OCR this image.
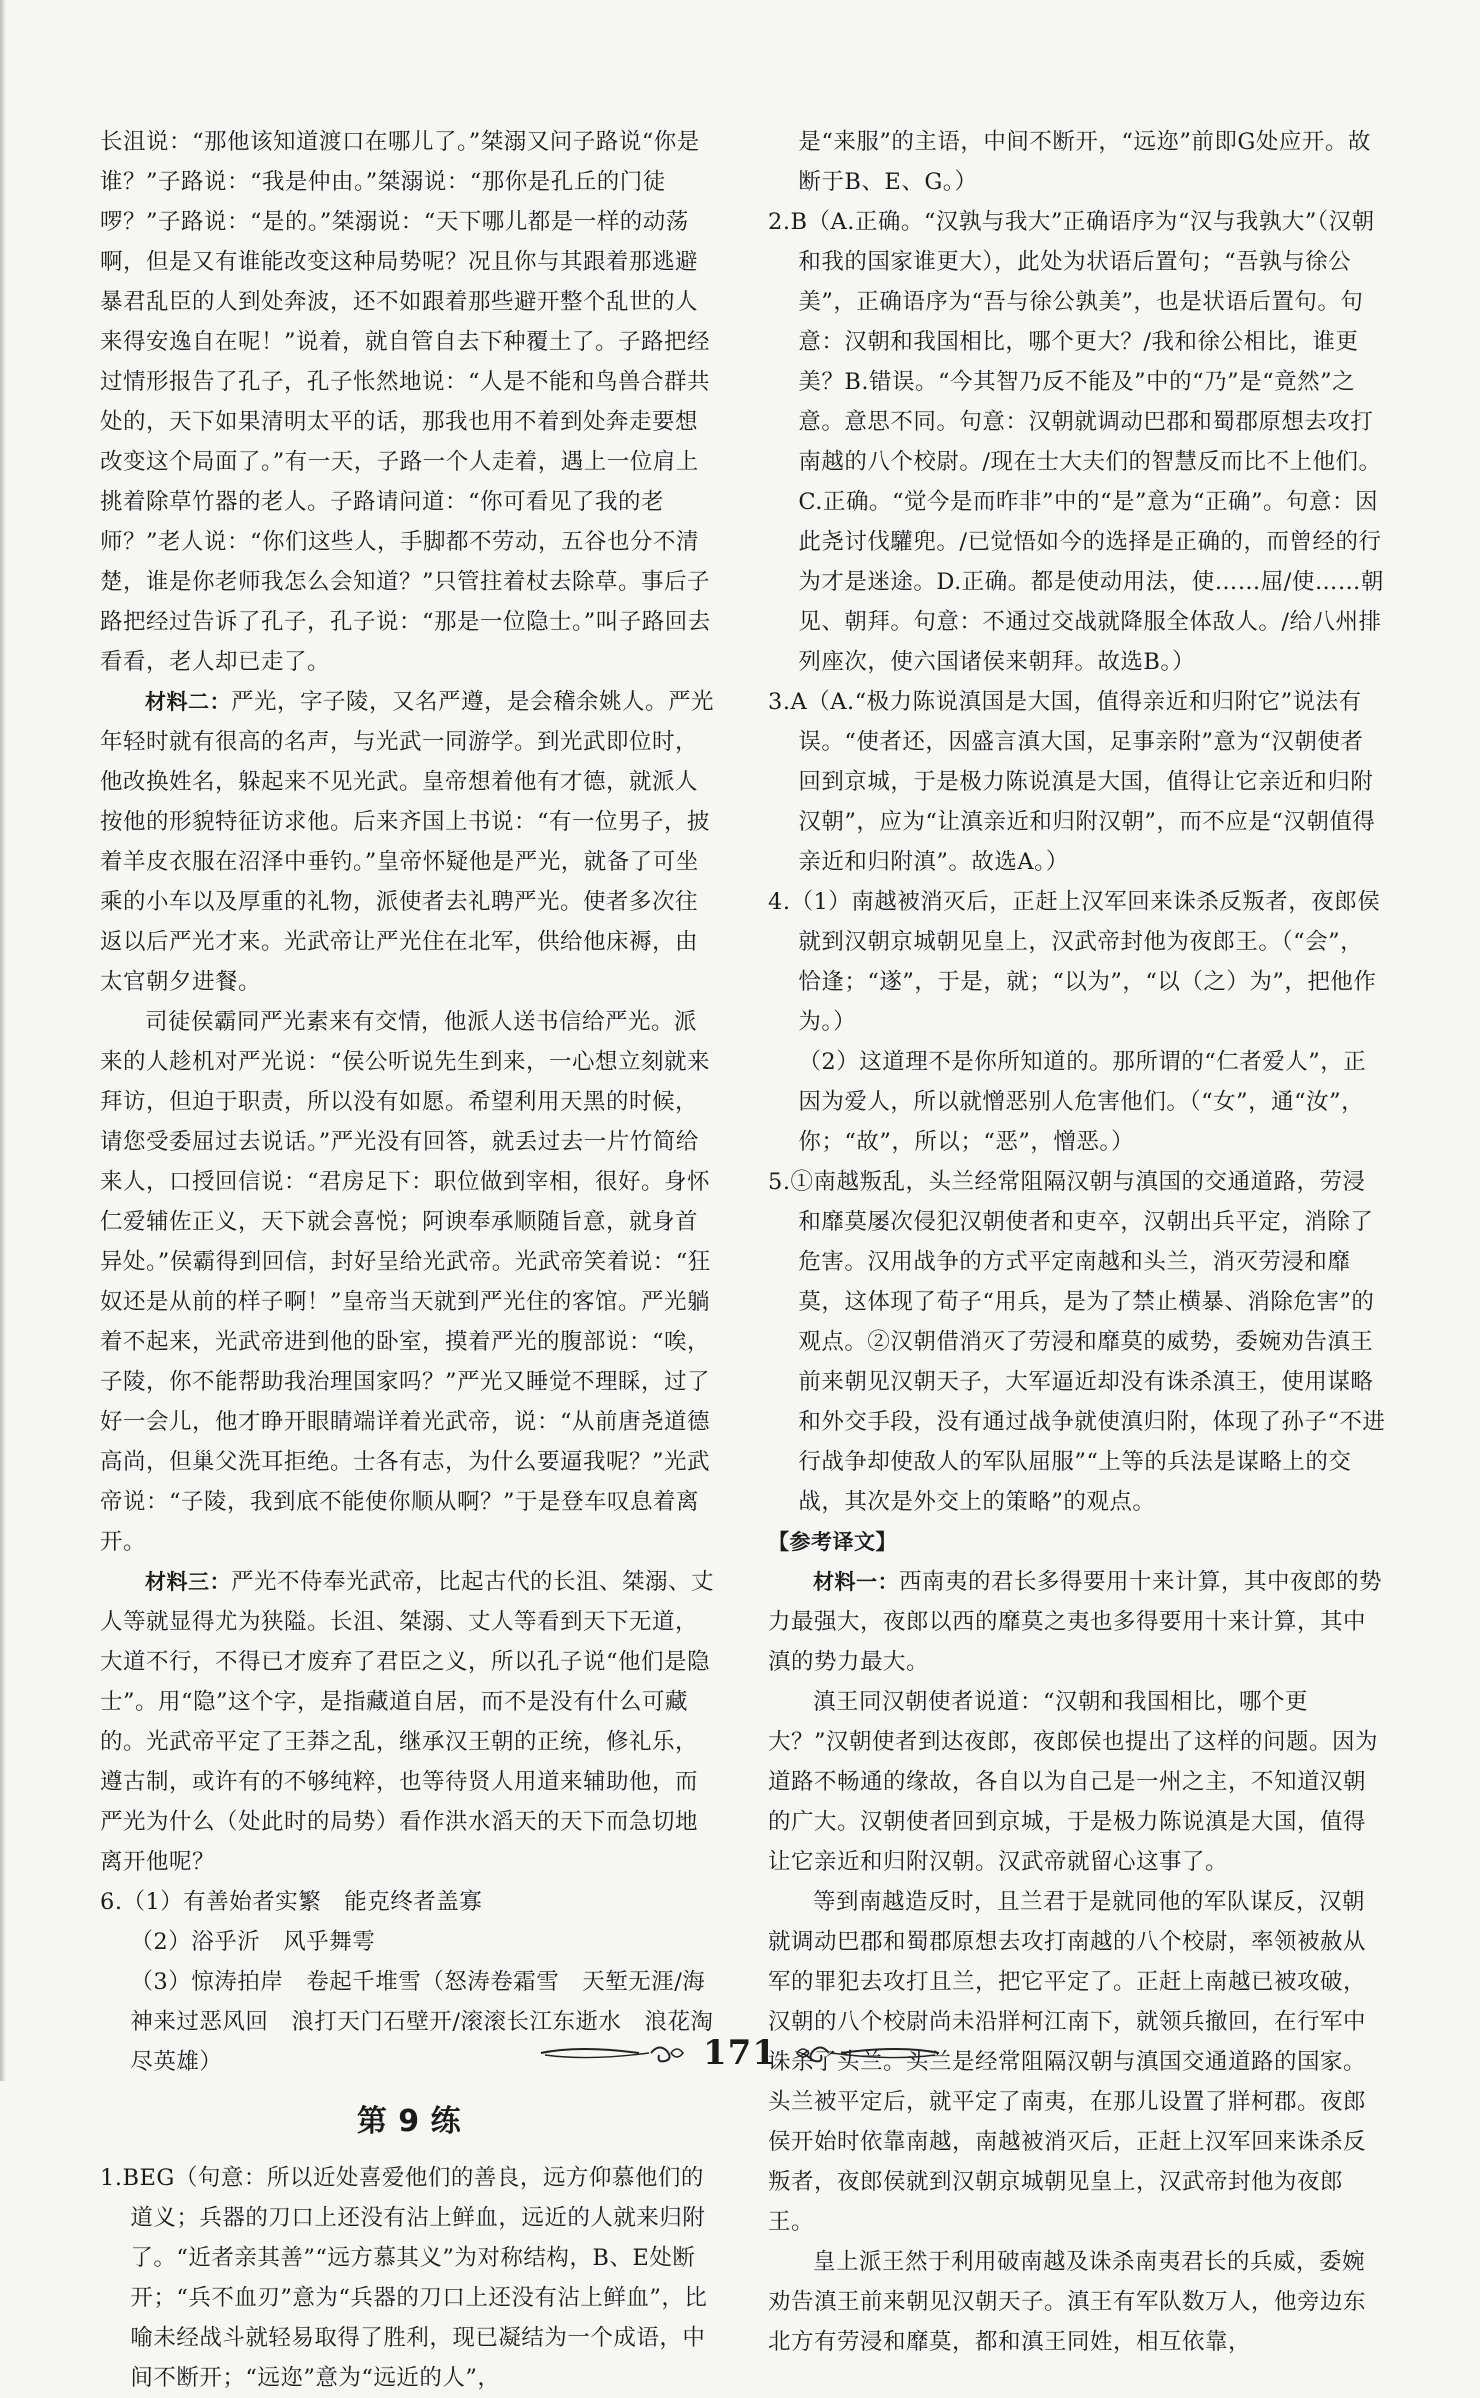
长沮说：“那他该知道渡口在哪儿了。”桀溺又问子路说“你是谁？”子路说：“我是仲由。”桀溺说：“那你是孔丘的门徒啰？”子路说：“是的。”桀溺说：“天下哪儿都是一样的动荡啊，但是又有谁能改变这种局势呢？况且你与其跟着那逃避暴君乱臣的人到处奔波，还不如跟着那些避开整个乱世的人来得安逸自在呢！”说着，就自管自去下种覆土了。子路把经过情形报告了孔子，孔子怅然地说：“人是不能和鸟兽合群共处的，天下如果清明太平的话，那我也用不着到处奔走要想改变这个局面了。”有一天，子路一个人走着，遇上一位肩上挑着除草竹器的老人。子路请问道：“你可看见了我的老师？”老人说：“你们这些人，手脚都不劳动，五谷也分不清楚，谁是你老师我怎么会知道？”只管拄着杖去除草。事后子路把经过告诉了孔子，孔子说：“那是一位隐士。”叫子路回去看看，老人却已走了。

材料二：严光，字子陵，又名严遵，是会稽余姚人。严光年轻时就有很高的名声，与光武一同游学。到光武即位时，他改换姓名，躲起来不见光武。皇帝想着他有才德，就派人按他的形貌特征访求他。后来齐国上书说：“有一位男子，披着羊皮衣服在沼泽中垂钓。”皇帝怀疑他是严光，就备了可坐乘的小车以及厚重的礼物，派使者去礼聘严光。使者多次往返以后严光才来。光武帝让严光住在北军，供给他床褥，由太官朝夕进餐。

司徒侯霸同严光素来有交情，他派人送书信给严光。派来的人趁机对严光说：“侯公听说先生到来，一心想立刻就来拜访，但迫于职责，所以没有如愿。希望利用天黑的时候，请您受委屈过去说话。”严光没有回答，就丢过去一片竹简给来人，口授回信说：“君房足下：职位做到宰相，很好。身怀仁爱辅佐正义，天下就会喜悦；阿谀奉承顺随旨意，就身首异处。”侯霸得到回信，封好呈给光武帝。光武帝笑着说：“狂奴还是从前的样子啊！”皇帝当天就到严光住的客馆。严光躺着不起来，光武帝进到他的卧室，摸着严光的腹部说：“唉，子陵，你不能帮助我治理国家吗？”严光又睡觉不理睬，过了好一会儿，他才睁开眼睛端详着光武帝，说：“从前唐尧道德高尚，但巢父洗耳拒绝。士各有志，为什么要逼我呢？”光武帝说：“子陵，我到底不能使你顺从啊？”于是登车叹息着离开。

材料三：严光不侍奉光武帝，比起古代的长沮、桀溺、丈人等就显得尤为狭隘。长沮、桀溺、丈人等看到天下无道，大道不行，不得已才废弃了君臣之义，所以孔子说“他们是隐士”。用“隐”这个字，是指藏道自居，而不是没有什么可藏的。光武帝平定了王莽之乱，继承汉王朝的正统，修礼乐，遵古制，或许有的不够纯粹，也等待贤人用道来辅助他，而严光为什么（处此时的局势）看作洪水滔天的天下而急切地离开他呢？

6.（1）有善始者实繁　能克终者盖寡

（2）浴乎沂　风乎舞雩

（3）惊涛拍岸　卷起千堆雪（怒涛卷霜雪　天堑无涯/海神来过恶风回　浪打天门石壁开/滚滚长江东逝水　浪花淘尽英雄）

第 9 练

1.BEG（句意：所以近处喜爱他们的善良，远方仰慕他们的道义；兵器的刀口上还没有沾上鲜血，远近的人就来归附了。“近者亲其善”“远方慕其义”为对称结构，B、E处断开；“兵不血刃”意为“兵器的刀口上还没有沾上鲜血”，比喻未经战斗就轻易取得了胜利，现已凝结为一个成语，中间不断开；“远迩”意为“远近的人”，

是“来服”的主语，中间不断开，“远迩”前即G处应开。故断于B、E、G。）

2.B（A.正确。“汉孰与我大”正确语序为“汉与我孰大”（汉朝和我的国家谁更大），此处为状语后置句；“吾孰与徐公美”，正确语序为“吾与徐公孰美”，也是状语后置句。句意：汉朝和我国相比，哪个更大？/我和徐公相比，谁更美？B.错误。“今其智乃反不能及”中的“乃”是“竟然”之意。意思不同。句意：汉朝就调动巴郡和蜀郡原想去攻打南越的八个校尉。/现在士大夫们的智慧反而比不上他们。C.正确。“觉今是而昨非”中的“是”意为“正确”。句意：因此尧讨伐驩兜。/已觉悟如今的选择是正确的，而曾经的行为才是迷途。D.正确。都是使动用法，使……屈/使……朝见、朝拜。句意：不通过交战就降服全体敌人。/给八州排列座次，使六国诸侯来朝拜。故选B。）

3.A（A.“极力陈说滇国是大国，值得亲近和归附它”说法有误。“使者还，因盛言滇大国，足事亲附”意为“汉朝使者回到京城，于是极力陈说滇是大国，值得让它亲近和归附汉朝”，应为“让滇亲近和归附汉朝”，而不应是“汉朝值得亲近和归附滇”。故选A。）

4.（1）南越被消灭后，正赶上汉军回来诛杀反叛者，夜郎侯就到汉朝京城朝见皇上，汉武帝封他为夜郎王。（“会”，恰逢；“遂”，于是，就；“以为”，“以（之）为”，把他作为。）

（2）这道理不是你所知道的。那所谓的“仁者爱人”，正因为爱人，所以就憎恶别人危害他们。（“女”，通“汝”，你；“故”，所以；“恶”，憎恶。）

5.①南越叛乱，头兰经常阻隔汉朝与滇国的交通道路，劳浸和靡莫屡次侵犯汉朝使者和吏卒，汉朝出兵平定，消除了危害。汉用战争的方式平定南越和头兰，消灭劳浸和靡莫，这体现了荀子“用兵，是为了禁止横暴、消除危害”的观点。②汉朝借消灭了劳浸和靡莫的威势，委婉劝告滇王前来朝见汉朝天子，大军逼近却没有诛杀滇王，使用谋略和外交手段，没有通过战争就使滇归附，体现了孙子“不进行战争却使敌人的军队屈服”“上等的兵法是谋略上的交战，其次是外交上的策略”的观点。

【参考译文】

材料一：西南夷的君长多得要用十来计算，其中夜郎的势力最强大，夜郎以西的靡莫之夷也多得要用十来计算，其中滇的势力最大。

滇王同汉朝使者说道：“汉朝和我国相比，哪个更大？”汉朝使者到达夜郎，夜郎侯也提出了这样的问题。因为道路不畅通的缘故，各自以为自己是一州之主，不知道汉朝的广大。汉朝使者回到京城，于是极力陈说滇是大国，值得让它亲近和归附汉朝。汉武帝就留心这事了。

等到南越造反时，且兰君于是就同他的军队谋反，汉朝就调动巴郡和蜀郡原想去攻打南越的八个校尉，率领被赦从军的罪犯去攻打且兰，把它平定了。正赶上南越已被攻破，汉朝的八个校尉尚未沿牂柯江南下，就领兵撤回，在行军中诛杀了头兰。头兰是经常阻隔汉朝与滇国交通道路的国家。头兰被平定后，就平定了南夷，在那儿设置了牂柯郡。夜郎侯开始时依靠南越，南越被消灭后，正赶上汉军回来诛杀反叛者，夜郎侯就到汉朝京城朝见皇上，汉武帝封他为夜郎王。

皇上派王然于利用破南越及诛杀南夷君长的兵威，委婉劝告滇王前来朝见汉朝天子。滇王有军队数万人，他旁边东北方有劳浸和靡莫，都和滇王同姓，相互依靠，

171
